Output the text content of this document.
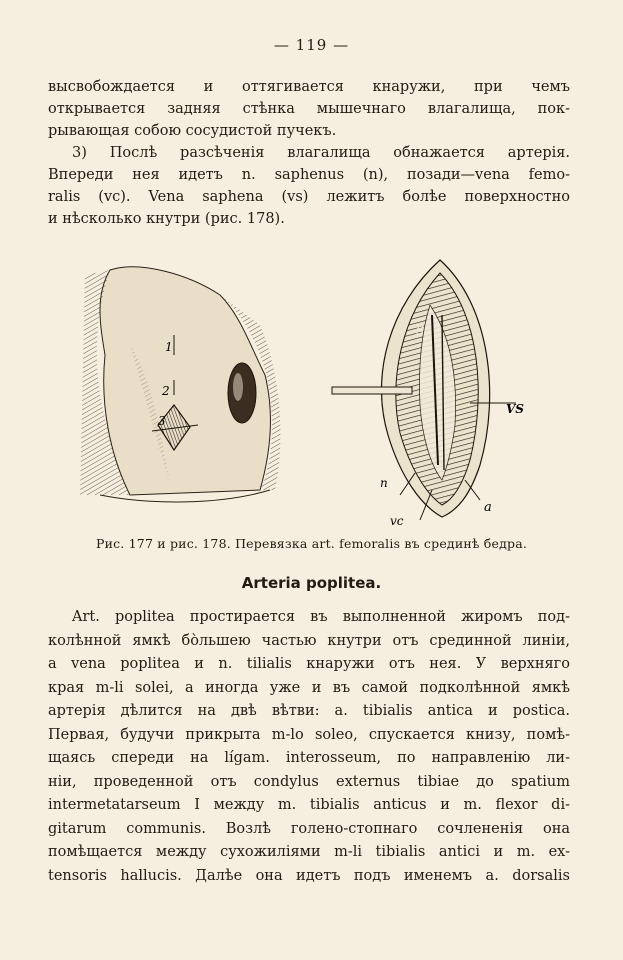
— 119 —
высвобождается и оттягивается кнаружи, при чемъ
открывается задняя стѣнка мышечнаго влагалища, пок-
рывающая собою сосудистой пучекъ.
3) Послѣ разсѣченія влагалища обнажается артерія.
Впереди нея идетъ n. saphenus (n), позади—vena femo-
ralis (vc). Vena saphena (vs) лежитъ болѣе поверхностно
и нѣсколько кнутри (рис. 178).
1
2
3
S
VS
n
a
vc
Рис. 177 и рис. 178. Перевязка art. femoralis въ срединѣ бедра.
Arteria poplitea.
Art. poplitea простирается въ выполненной жиромъ под-
колѣнной ямкѣ бо̀льшею частью кнутри отъ срединной линіи,
а vena poplitea и n. tilialis кнаружи отъ нея. У верхняго
края m-li solei, а иногда уже и въ самой подколѣнной ямкѣ
артерія дѣлится на двѣ вѣтви: a. tibialis antica и postica.
Первая, будучи прикрыта m-lo soleo, спускается книзу, помѣ-
щаясь спереди на lígam. interosseum, по направленію ли-
ніи, проведенной отъ condylus externus tibiae до spatium
intermetatarseum I между m. tibialis anticus и m. flexor di-
gitarum communis. Возлѣ голено-стопнаго сочлененія она
помѣщается между сухожиліями m-li tibialis antici и m. ex-
tensoris hallucis. Далѣе она идетъ подъ именемъ a. dorsalis
